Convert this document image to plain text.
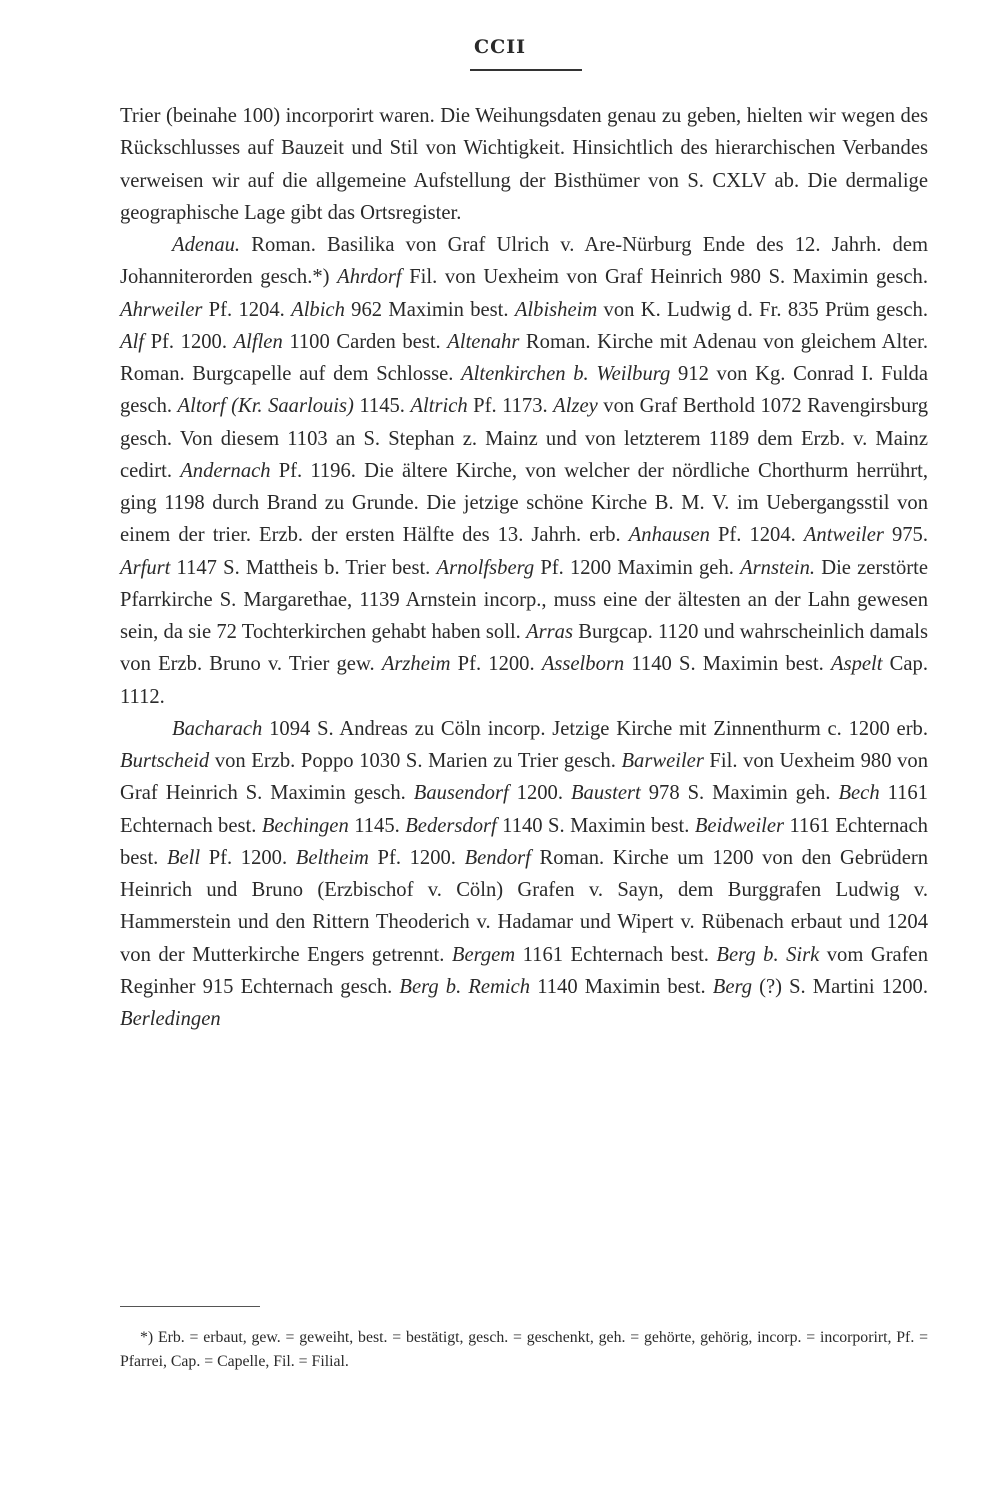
CCII

Trier (beinahe 100) incorporirt waren. Die Weihungsdaten genau zu geben, hielten wir wegen des Rückschlusses auf Bauzeit und Stil von Wichtigkeit. Hinsichtlich des hierarchischen Verbandes verweisen wir auf die allgemeine Aufstellung der Bisthümer von S. CXLV ab. Die dermalige geographische Lage gibt das Ortsregister.

Adenau. Roman. Basilika von Graf Ulrich v. Are-Nürburg Ende des 12. Jahrh. dem Johanniterorden gesch.*) Ahrdorf Fil. von Uexheim von Graf Heinrich 980 S. Maximin gesch. Ahrweiler Pf. 1204. Albich 962 Maximin best. Albisheim von K. Ludwig d. Fr. 835 Prüm gesch. Alf Pf. 1200. Alflen 1100 Carden best. Altenahr Roman. Kirche mit Adenau von gleichem Alter. Roman. Burgcapelle auf dem Schlosse. Altenkirchen b. Weilburg 912 von Kg. Conrad I. Fulda gesch. Altorf (Kr. Saarlouis) 1145. Altrich Pf. 1173. Alzey von Graf Berthold 1072 Ravengirsburg gesch. Von diesem 1103 an S. Stephan z. Mainz und von letzterem 1189 dem Erzb. v. Mainz cedirt. Andernach Pf. 1196. Die ältere Kirche, von welcher der nördliche Chorthurm herrührt, ging 1198 durch Brand zu Grunde. Die jetzige schöne Kirche B. M. V. im Uebergangsstil von einem der trier. Erzb. der ersten Hälfte des 13. Jahrh. erb. Anhausen Pf. 1204. Antweiler 975. Arfurt 1147 S. Mattheis b. Trier best. Arnolfsberg Pf. 1200 Maximin geh. Arnstein. Die zerstörte Pfarrkirche S. Margarethae, 1139 Arnstein incorp., muss eine der ältesten an der Lahn gewesen sein, da sie 72 Tochterkirchen gehabt haben soll. Arras Burgcap. 1120 und wahrscheinlich damals von Erzb. Bruno v. Trier gew. Arzheim Pf. 1200. Asselborn 1140 S. Maximin best. Aspelt Cap. 1112.

Bacharach 1094 S. Andreas zu Cöln incorp. Jetzige Kirche mit Zinnenthurm c. 1200 erb. Burtscheid von Erzb. Poppo 1030 S. Marien zu Trier gesch. Barweiler Fil. von Uexheim 980 von Graf Heinrich S. Maximin gesch. Bausendorf 1200. Baustert 978 S. Maximin geh. Bech 1161 Echternach best. Bechingen 1145. Bedersdorf 1140 S. Maximin best. Beidweiler 1161 Echternach best. Bell Pf. 1200. Beltheim Pf. 1200. Bendorf Roman. Kirche um 1200 von den Gebrüdern Heinrich und Bruno (Erzbischof v. Cöln) Grafen v. Sayn, dem Burggrafen Ludwig v. Hammerstein und den Rittern Theoderich v. Hadamar und Wipert v. Rübenach erbaut und 1204 von der Mutterkirche Engers getrennt. Bergem 1161 Echternach best. Berg b. Sirk vom Grafen Reginher 915 Echternach gesch. Berg b. Remich 1140 Maximin best. Berg (?) S. Martini 1200. Berledingen

*) Erb. = erbaut, gew. = geweiht, best. = bestätigt, gesch. = geschenkt, geh. = gehörte, gehörig, incorp. = incorporirt, Pf. = Pfarrei, Cap. = Capelle, Fil. = Filial.
